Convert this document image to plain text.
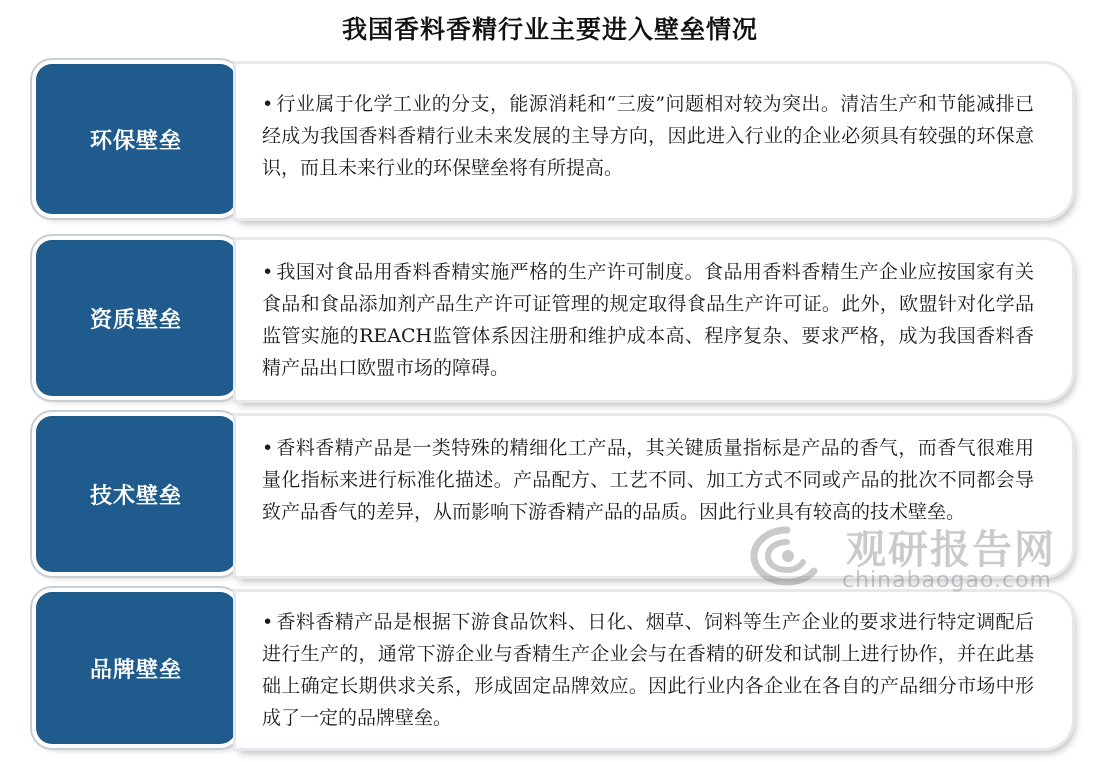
我国香料香精行业主要进入壁垒情况
环保壁垒
• 行业属于化学工业的分支，能源消耗和“三废”问题相对较为突出。清洁生产和节能减排已经成为我国香料香精行业未来发展的主导方向，因此进入行业的企业必须具有较强的环保意识，而且未来行业的环保壁垒将有所提高。
资质壁垒
• 我国对食品用香料香精实施严格的生产许可制度。食品用香料香精生产企业应按国家有关食品和食品添加剂产品生产许可证管理的规定取得食品生产许可证。此外，欧盟针对化学品监管实施的REACH监管体系因注册和维护成本高、程序复杂、要求严格，成为我国香料香精产品出口欧盟市场的障碍。
技术壁垒
• 香料香精产品是一类特殊的精细化工产品，其关键质量指标是产品的香气，而香气很难用量化指标来进行标准化描述。产品配方、工艺不同、加工方式不同或产品的批次不同都会导致产品香气的差异，从而影响下游香精产品的品质。因此行业具有较高的技术壁垒。
品牌壁垒
• 香料香精产品是根据下游食品饮料、日化、烟草、饲料等生产企业的要求进行特定调配后进行生产的，通常下游企业与香精生产企业会与在香精的研发和试制上进行协作，并在此基础上确定长期供求关系，形成固定品牌效应。因此行业内各企业在各自的产品细分市场中形成了一定的品牌壁垒。
观研报告网
chinabaogao.com
